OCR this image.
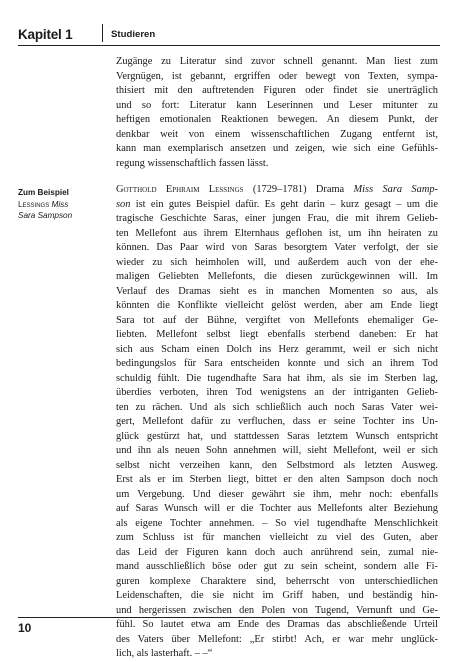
Kapitel 1	Studieren
Zugänge zu Literatur sind zuvor schnell genannt. Man liest zum
Vergnügen, ist gebannt, ergriffen oder bewegt von Texten, sympa-
thisiert mit den auftretenden Figuren oder findet sie unerträglich
und so fort: Literatur kann Leserinnen und Leser mitunter zu
heftigen emotionalen Reaktionen bewegen. An diesem Punkt, der
denkbar weit von einem wissenschaftlichen Zugang entfernt ist,
kann man exemplarisch ansetzen und zeigen, wie sich eine Gefühls-
regung wissenschaftlich fassen lässt.
Zum Beispiel
Lessings Miss
Sara Sampson
Gotthold Ephraim Lessings (1729–1781) Drama Miss Sara Samp-
son ist ein gutes Beispiel dafür. Es geht darin – kurz gesagt – um die
tragische Geschichte Saras, einer jungen Frau, die mit ihrem Gelieb-
ten Mellefont aus ihrem Elternhaus geflohen ist, um ihn heiraten zu
können. Das Paar wird von Saras besorgtem Vater verfolgt, der sie
wieder zu sich heimholen will, und außerdem auch von der ehe-
maligen Geliebten Mellefonts, die diesen zurückgewinnen will. Im
Verlauf des Dramas sieht es in manchen Momenten so aus, als
könnten die Konflikte vielleicht gelöst werden, aber am Ende liegt
Sara tot auf der Bühne, vergiftet von Mellefonts ehemaliger Ge-
liebten. Mellefont selbst liegt ebenfalls sterbend daneben: Er hat
sich aus Scham einen Dolch ins Herz gerammt, weil er sich nicht
bedingungslos für Sara entscheiden konnte und sich an ihrem Tod
schuldig fühlt. Die tugendhafte Sara hat ihm, als sie im Sterben lag,
überdies verboten, ihren Tod wenigstens an der intriganten Gelieb-
ten zu rächen. Und als sich schließlich auch noch Saras Vater wei-
gert, Mellefont dafür zu verfluchen, dass er seine Tochter ins Un-
glück gestürzt hat, und stattdessen Saras letztem Wunsch entspricht
und ihn als neuen Sohn annehmen will, sieht Mellefont, weil er sich
selbst nicht verzeihen kann, den Selbstmord als letzten Ausweg.
Erst als er im Sterben liegt, bittet er den alten Sampson doch noch
um Vergebung. Und dieser gewährt sie ihm, mehr noch: ebenfalls
auf Saras Wunsch will er die Tochter aus Mellefonts alter Beziehung
als eigene Tochter annehmen. – So viel tugendhafte Menschlichkeit
zum Schluss ist für manchen vielleicht zu viel des Guten, aber
das Leid der Figuren kann doch auch anrührend sein, zumal nie-
mand ausschließlich böse oder gut zu sein scheint, sondern alle Fi-
guren komplexe Charaktere sind, beherrscht von unterschiedlichen
Leidenschaften, die sie nicht im Griff haben, und beständig hin-
und hergerissen zwischen den Polen von Tugend, Vernunft und Ge-
fühl. So lautet etwa am Ende des Dramas das abschließende Urteil
des Vaters über Mellefont: „Er stirbt! Ach, er war mehr unglück-
lich, als lasterhaft. – –“
10
